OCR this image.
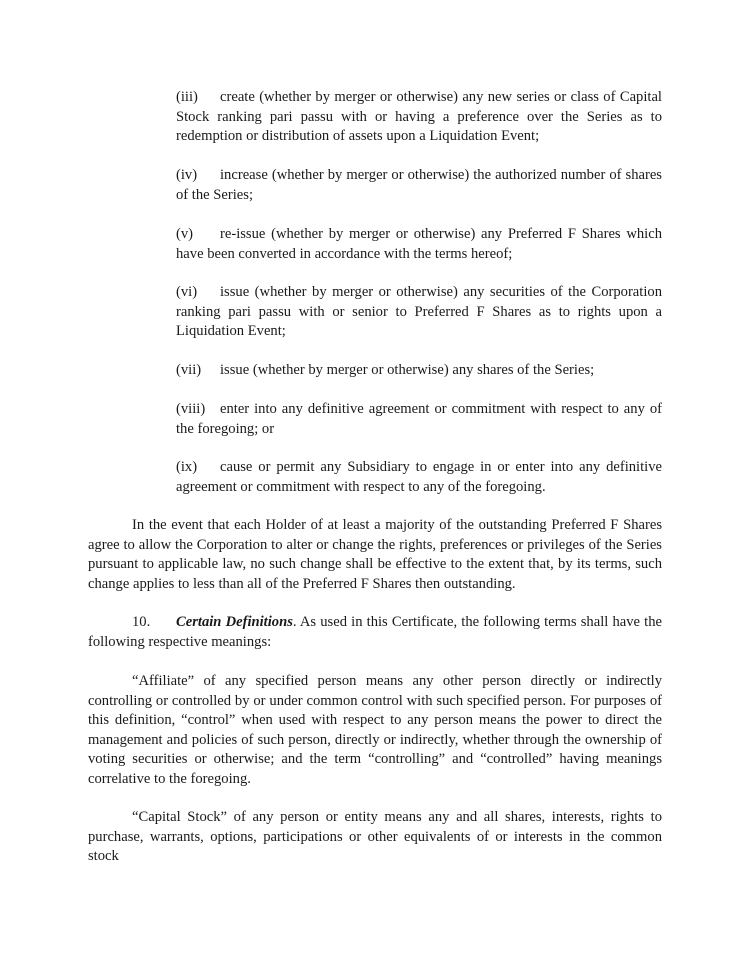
(iii) create (whether by merger or otherwise) any new series or class of Capital Stock ranking pari passu with or having a preference over the Series as to redemption or distribution of assets upon a Liquidation Event;
(iv) increase (whether by merger or otherwise) the authorized number of shares of the Series;
(v) re-issue (whether by merger or otherwise) any Preferred F Shares which have been converted in accordance with the terms hereof;
(vi) issue (whether by merger or otherwise) any securities of the Corporation ranking pari passu with or senior to Preferred F Shares as to rights upon a Liquidation Event;
(vii) issue (whether by merger or otherwise) any shares of the Series;
(viii) enter into any definitive agreement or commitment with respect to any of the foregoing; or
(ix) cause or permit any Subsidiary to engage in or enter into any definitive agreement or commitment with respect to any of the foregoing.
In the event that each Holder of at least a majority of the outstanding Preferred F Shares agree to allow the Corporation to alter or change the rights, preferences or privileges of the Series pursuant to applicable law, no such change shall be effective to the extent that, by its terms, such change applies to less than all of the Preferred F Shares then outstanding.
10. Certain Definitions. As used in this Certificate, the following terms shall have the following respective meanings:
“Affiliate” of any specified person means any other person directly or indirectly controlling or controlled by or under common control with such specified person. For purposes of this definition, “control” when used with respect to any person means the power to direct the management and policies of such person, directly or indirectly, whether through the ownership of voting securities or otherwise; and the term “controlling” and “controlled” having meanings correlative to the foregoing.
“Capital Stock” of any person or entity means any and all shares, interests, rights to purchase, warrants, options, participations or other equivalents of or interests in the common stock
